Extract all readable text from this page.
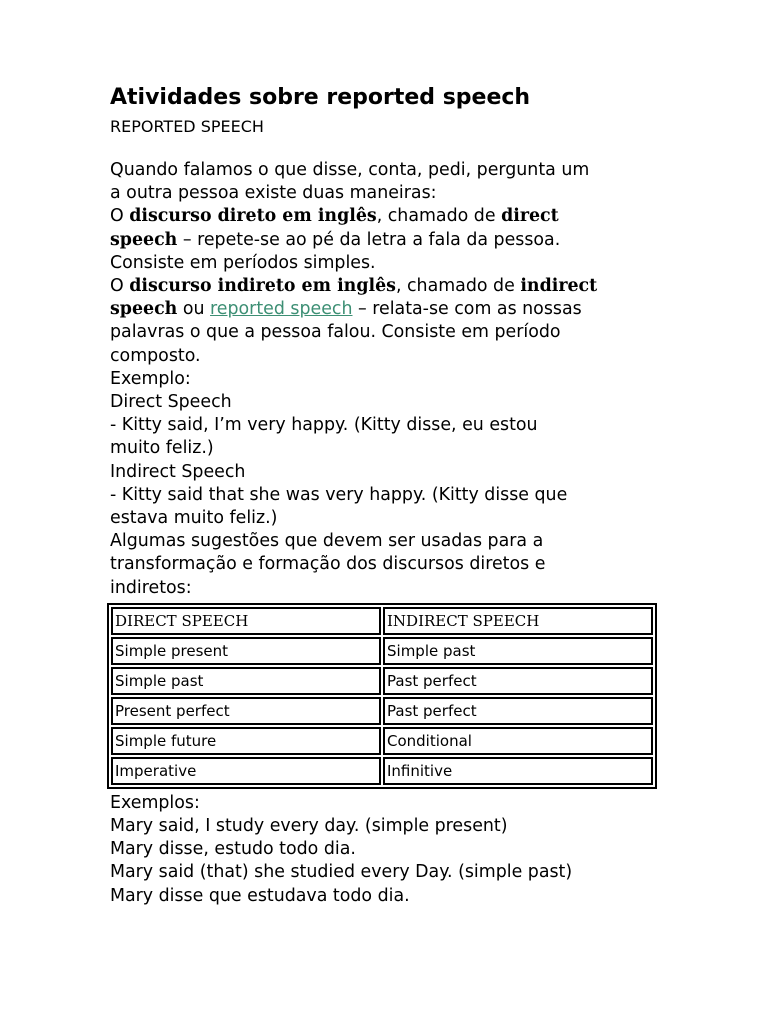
Atividades sobre reported speech

REPORTED SPEECH

Quando falamos o que disse, conta, pedi, pergunta um

a outra pessoa existe duas maneiras:

O discurso direto em inglês, chamado de direct

speech – repete-se ao pé da letra a fala da pessoa.

Consiste em períodos simples.

O discurso indireto em inglês, chamado de indirect

speech ou reported speech – relata-se com as nossas

palavras o que a pessoa falou. Consiste em período

composto.

Exemplo:

Direct Speech

- Kitty said, I’m very happy. (Kitty disse, eu estou

muito feliz.)

Indirect Speech

- Kitty said that she was very happy. (Kitty disse que

estava muito feliz.)

Algumas sugestões que devem ser usadas para a

transformação e formação dos discursos diretos e

indiretos:

DIRECT SPEECH	INDIRECT SPEECH
Simple present	Simple past
Simple past	Past perfect
Present perfect	Past perfect
Simple future	Conditional
Imperative	Infinitive

Exemplos:

Mary said, I study every day. (simple present)

Mary disse, estudo todo dia.

Mary said (that) she studied every Day. (simple past)

Mary disse que estudava todo dia.
